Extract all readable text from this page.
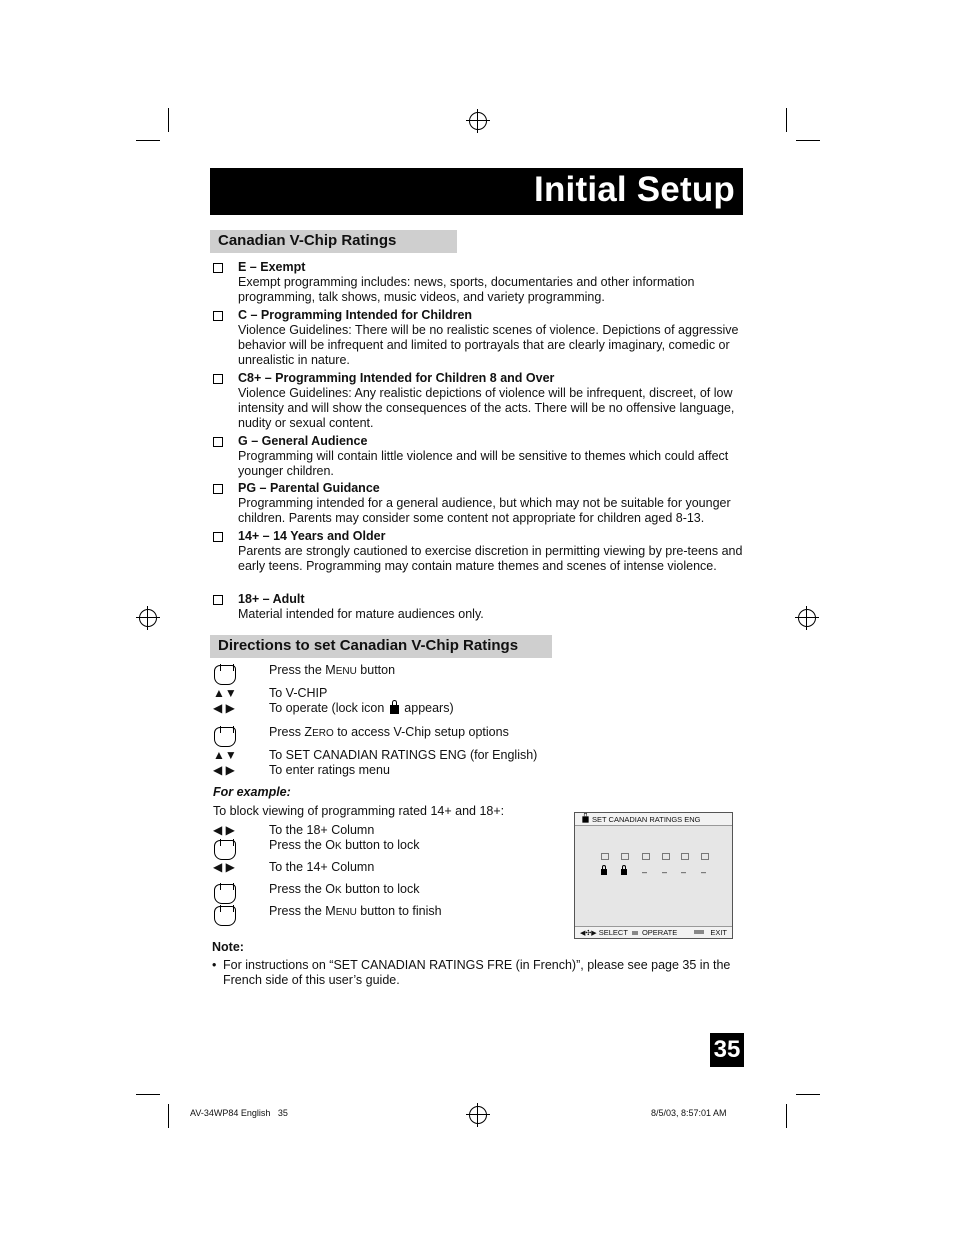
Initial Setup
Canadian V-Chip Ratings
E – Exempt
Exempt programming includes: news, sports, documentaries and other information programming, talk shows, music videos, and variety programming.
C – Programming Intended for Children
Violence Guidelines: There will be no realistic scenes of violence. Depictions of aggressive behavior will be infrequent and limited to portrayals that are clearly imaginary, comedic or unrealistic in nature.
C8+ – Programming Intended for Children 8 and Over
Violence Guidelines: Any realistic depictions of violence will be infrequent, discreet, of low intensity and will show the consequences of the acts. There will be no offensive language, nudity or sexual content.
G – General Audience
Programming will contain little violence and will be sensitive to themes which could affect younger children.
PG – Parental Guidance
Programming intended for a general audience, but which may not be suitable for younger children. Parents may consider some content not appropriate for children aged 8-13.
14+ – 14 Years and Older
Parents are strongly cautioned to exercise discretion in permitting viewing by pre-teens and early teens. Programming may contain mature themes and scenes of intense violence.
18+ – Adult
Material intended for mature audiences only.
Directions to set Canadian V-Chip Ratings
Press the MENU button
▲▼	To V-CHIP
◀ ▶	To operate (lock icon  appears)
Press ZERO to access V-Chip setup options
▲▼	To SET CANADIAN RATINGS ENG (for English)
◀ ▶	To enter ratings menu
For example:
To block viewing of programming rated 14+ and 18+:
◀ ▶	To the 18+ Column
Press the OK button to lock
◀ ▶	To the 14+ Column
Press the OK button to lock
Press the MENU button to finish
SET CANADIAN RATINGS ENG
– – – –
◀✣▶ SELECT OPERATE	EXIT
Note:
• For instructions on “SET CANADIAN RATINGS FRE (in French)”, please see page 35 in the French side of this user’s guide.
35
AV-34WP84 English   35	8/5/03, 8:57:01 AM
